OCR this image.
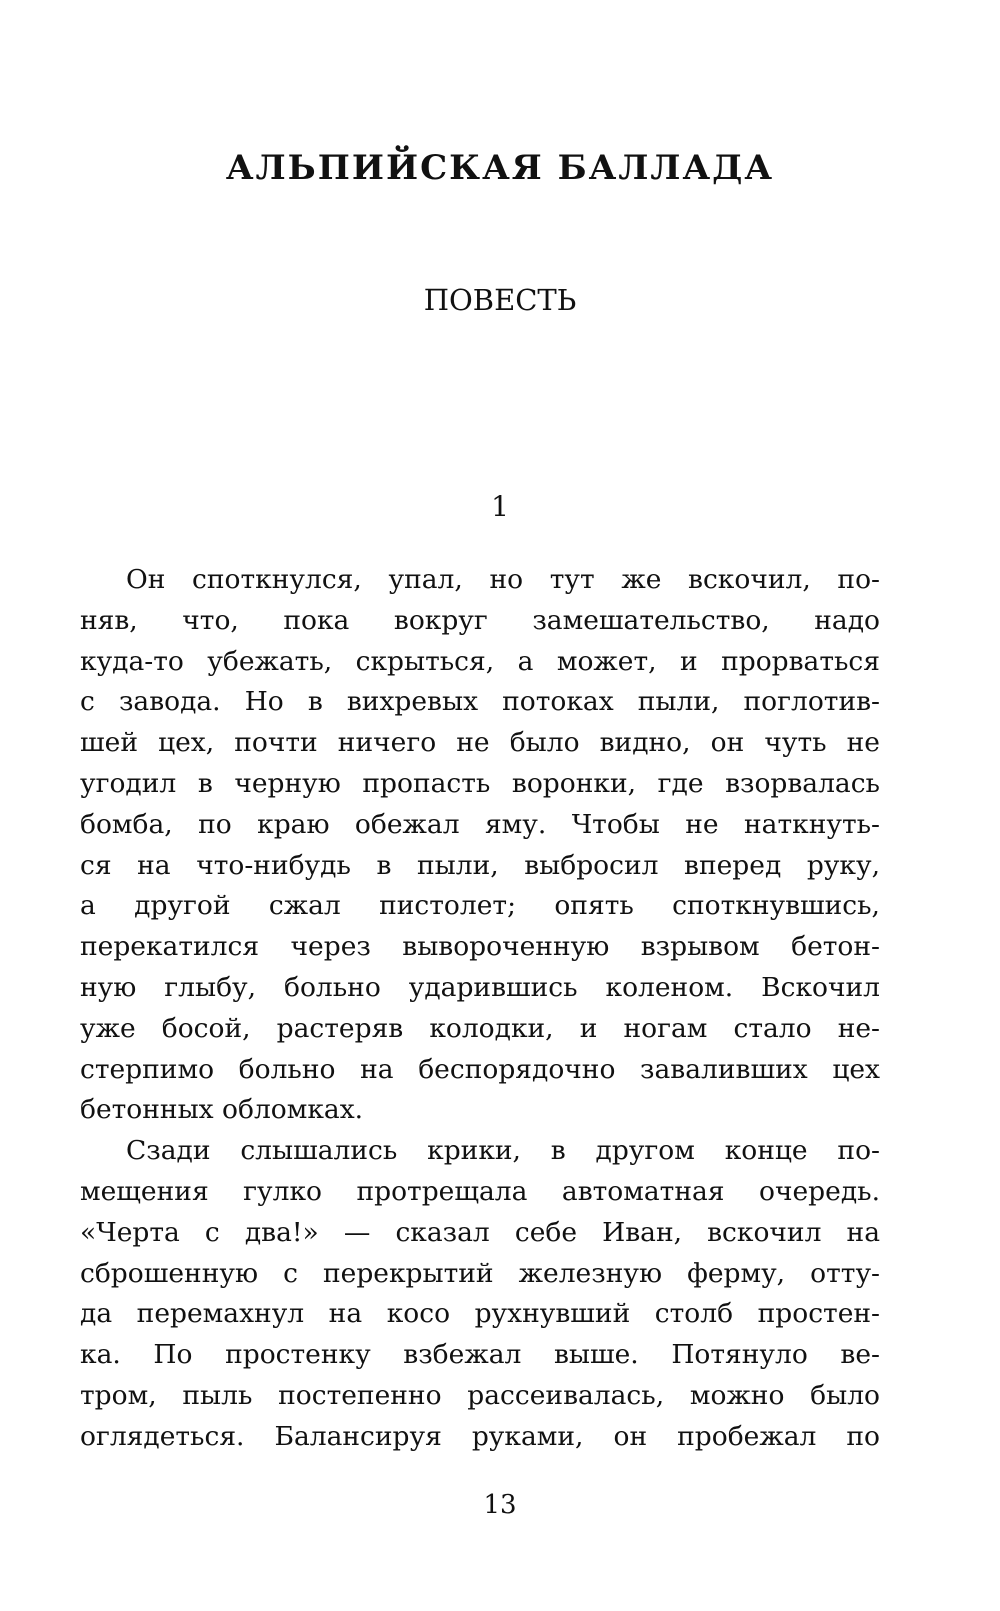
АЛЬПИЙСКАЯ БАЛЛАДА
ПОВЕСТЬ
1
Он споткнулся, упал, но тут же вскочил, по-
няв, что, пока вокруг замешательство, надо
куда-то убежать, скрыться, а может, и прорваться
с завода. Но в вихревых потоках пыли, поглотив-
шей цех, почти ничего не было видно, он чуть не
угодил в черную пропасть воронки, где взорвалась
бомба, по краю обежал яму. Чтобы не наткнуть-
ся на что-нибудь в пыли, выбросил вперед руку,
а другой сжал пистолет; опять споткнувшись,
перекатился через вывороченную взрывом бетон-
ную глыбу, больно ударившись коленом. Вскочил
уже босой, растеряв колодки, и ногам стало не-
стерпимо больно на беспорядочно заваливших цех
бетонных обломках.
Сзади слышались крики, в другом конце по-
мещения гулко протрещала автоматная очередь.
«Черта с два!» — сказал себе Иван, вскочил на
сброшенную с перекрытий железную ферму, отту-
да перемахнул на косо рухнувший столб простен-
ка. По простенку взбежал выше. Потянуло ве-
тром, пыль постепенно рассеивалась, можно было
оглядеться. Балансируя руками, он пробежал по
13
